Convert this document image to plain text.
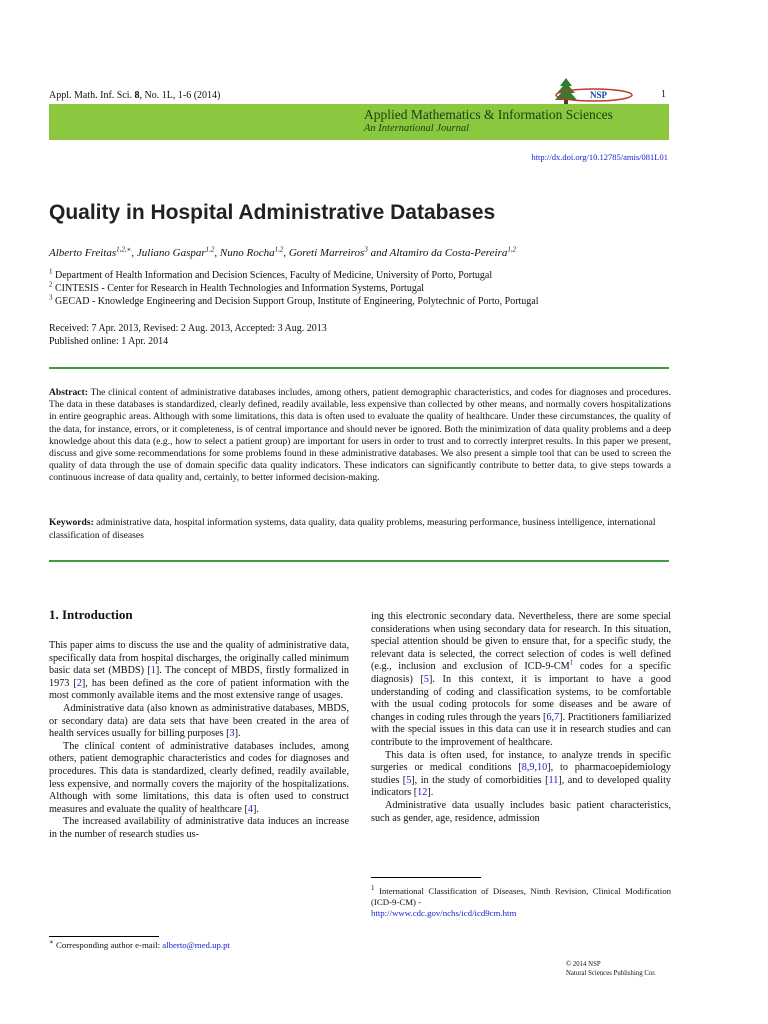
Appl. Math. Inf. Sci. 8, No. 1L, 1-6 (2014)	NSP	1
Applied Mathematics & Information Sciences
An International Journal
http://dx.doi.org/10.12785/amis/081L01
Quality in Hospital Administrative Databases
Alberto Freitas$^{1,2,∗}$, Juliano Gaspar$^{1,2}$, Nuno Rocha$^{1,2}$, Goreti Marreiros$^3$ and Altamiro da Costa-Pereira$^{1,2}$
$^1$ Department of Health Information and Decision Sciences, Faculty of Medicine, University of Porto, Portugal
$^2$ CINTESIS - Center for Research in Health Technologies and Information Systems, Portugal
$^3$ GECAD - Knowledge Engineering and Decision Support Group, Institute of Engineering, Polytechnic of Porto, Portugal
Received: 7 Apr. 2013, Revised: 2 Aug. 2013, Accepted: 3 Aug. 2013
Published online: 1 Apr. 2014
Abstract: The clinical content of administrative databases includes, among others, patient demographic characteristics, and codes for diagnoses and procedures. The data in these databases is standardized, clearly defined, readily available, less expensive than collected by other means, and normally covers hospitalizations in entire geographic areas. Although with some limitations, this data is often used to evaluate the quality of healthcare. Under these circumstances, the quality of the data, for instance, errors, or it completeness, is of central importance and should never be ignored. Both the minimization of data quality problems and a deep knowledge about this data (e.g., how to select a patient group) are important for users in order to trust and to correctly interpret results. In this paper we present, discuss and give some recommendations for some problems found in these administrative databases. We also present a simple tool that can be used to screen the quality of data through the use of domain specific data quality indicators. These indicators can significantly contribute to better data, to give steps towards a continuous increase of data quality and, certainly, to better informed decision-making.
Keywords: administrative data, hospital information systems, data quality, data quality problems, measuring performance, business intelligence, international classification of diseases
1. Introduction

This paper aims to discuss the use and the quality of administrative data, specifically data from hospital discharges, the originally called minimum basic data set (MBDS) [1]. The concept of MBDS, firstly formalized in 1973 [2], has been defined as the core of patient information with the most commonly available items and the most extensive range of usages.

Administrative data (also known as administrative databases, MBDS, or secondary data) are data sets that have been created in the area of health services usually for billing purposes [3].

The clinical content of administrative databases includes, among others, patient demographic characteristics and codes for diagnoses and procedures. This data is standardized, clearly defined, readily available, less expensive, and normally covers the majority of the hospitalizations. Although with some limitations, this data is often used to construct measures and evaluate the quality of healthcare [4].

The increased availability of administrative data induces an increase in the number of research studies us-

ing this electronic secondary data. Nevertheless, there are some special considerations when using secondary data for research. In this situation, special attention should be given to ensure that, for a specific study, the relevant data is selected, the correct selection of codes is well defined (e.g., inclusion and exclusion of ICD-$9-CM^1$ codes for a specific diagnosis) [5]. In this context, it is important to have a good understanding of coding and classification systems, to be comfortable with the usual coding protocols for some diseases and be aware of changes in coding rules through the years [6,7]. Practitioners familiarized with the special issues in this data can use it in research studies and can contribute to the improvement of healthcare.

This data is often used, for instance, to analyze trends in specific surgeries or medical conditions [8,9,10], to pharmacoepidemiology studies [5], in the study of comorbidities [11], and to developed quality indicators [12].

Administrative data usually includes basic patient characteristics, such as gender, age, residence, admission

$^1$ International Classification of Diseases, Ninth Revision, Clinical Modification (ICD-9-CM) -
http://www.cdc.gov/nchs/icd/icd9cm.htm
∗ Corresponding author e-mail: alberto@med.up.pt
© 2014 NSP
Natural Sciences Publishing Cor.
